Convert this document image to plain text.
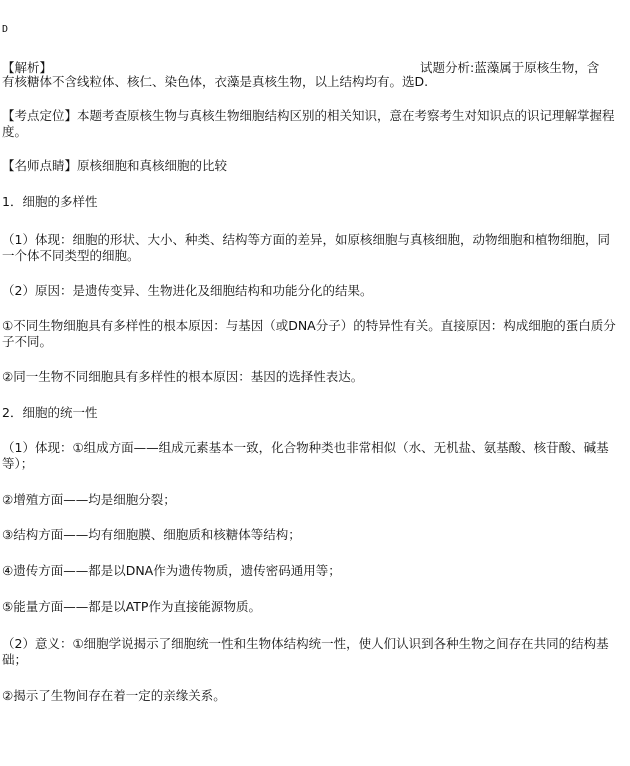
D
【解析】	试题分析:蓝藻属于原核生物，含
有核糖体不含线粒体、核仁、染色体，衣藻是真核生物，以上结构均有。选D.
【考点定位】本题考查原核生物与真核生物细胞结构区别的相关知识，意在考察考生对知识点的识记理解掌握程度。
【名师点睛】原核细胞和真核细胞的比较
1．细胞的多样性
（1）体现：细胞的形状、大小、种类、结构等方面的差异，如原核细胞与真核细胞，动物细胞和植物细胞，同一个体不同类型的细胞。
（2）原因：是遗传变异、生物进化及细胞结构和功能分化的结果。
①不同生物细胞具有多样性的根本原因：与基因（或DNA分子）的特异性有关。直接原因：构成细胞的蛋白质分子不同。
②同一生物不同细胞具有多样性的根本原因：基因的选择性表达。
2．细胞的统一性
（1）体现：①组成方面——组成元素基本一致，化合物种类也非常相似（水、无机盐、氨基酸、核苷酸、碱基等）；
②增殖方面——均是细胞分裂；
③结构方面——均有细胞膜、细胞质和核糖体等结构；
④遗传方面——都是以DNA作为遗传物质，遗传密码通用等；
⑤能量方面——都是以ATP作为直接能源物质。
（2）意义：①细胞学说揭示了细胞统一性和生物体结构统一性，使人们认识到各种生物之间存在共同的结构基础；
②揭示了生物间存在着一定的亲缘关系。
